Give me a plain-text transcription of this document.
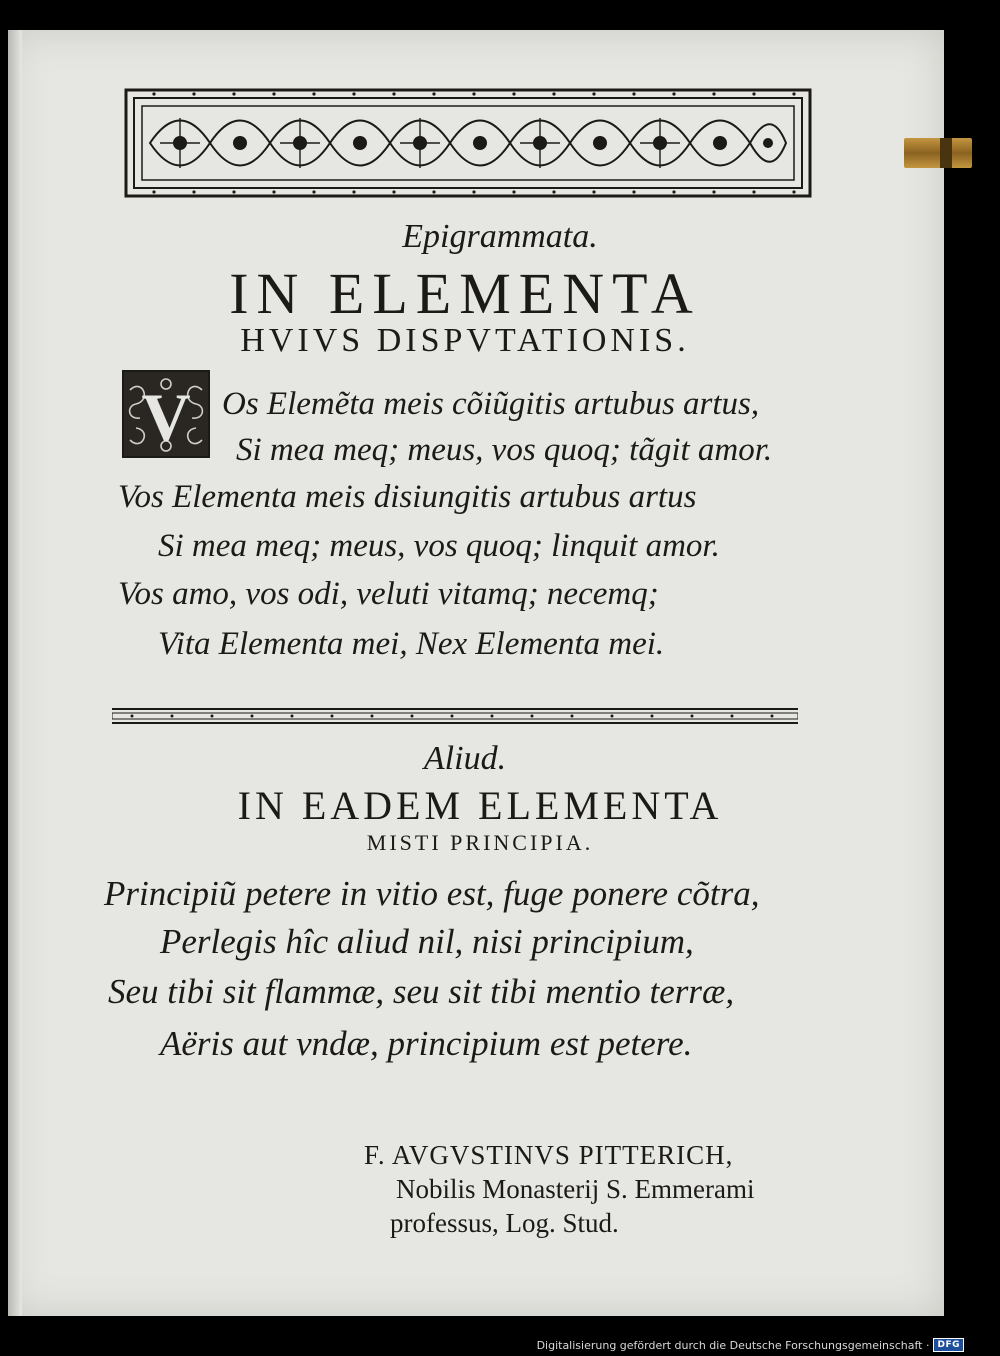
Epigrammata.
IN ELEMENTA
HVIVS DISPVTATIONIS.
V Os Elemẽta meis cõiũgitis artubus artus,
Si mea meq; meus, vos quoq; tãgit amor.
Vos Elementa meis disiungitis artubus artus
Si mea meq; meus, vos quoq; linquit amor.
Vos amo, vos odi, veluti vitamq; necemq;
Vita Elementa mei, Nex Elementa mei.
Aliud.
IN EADEM ELEMENTA
MISTI PRINCIPIA.
Principiũ petere in vitio est, fuge ponere cõtra,
Perlegis hîc aliud nil, nisi principium,
Seu tibi sit flammæ, seu sit tibi mentio terræ,
Aëris aut vndæ, principium est petere.
F. AVGVSTINVS PITTERICH,
Nobilis Monasterij S. Emmerami
professus, Log. Stud.
Digitalisierung gefördert durch die Deutsche Forschungsgemeinschaft · DFG
